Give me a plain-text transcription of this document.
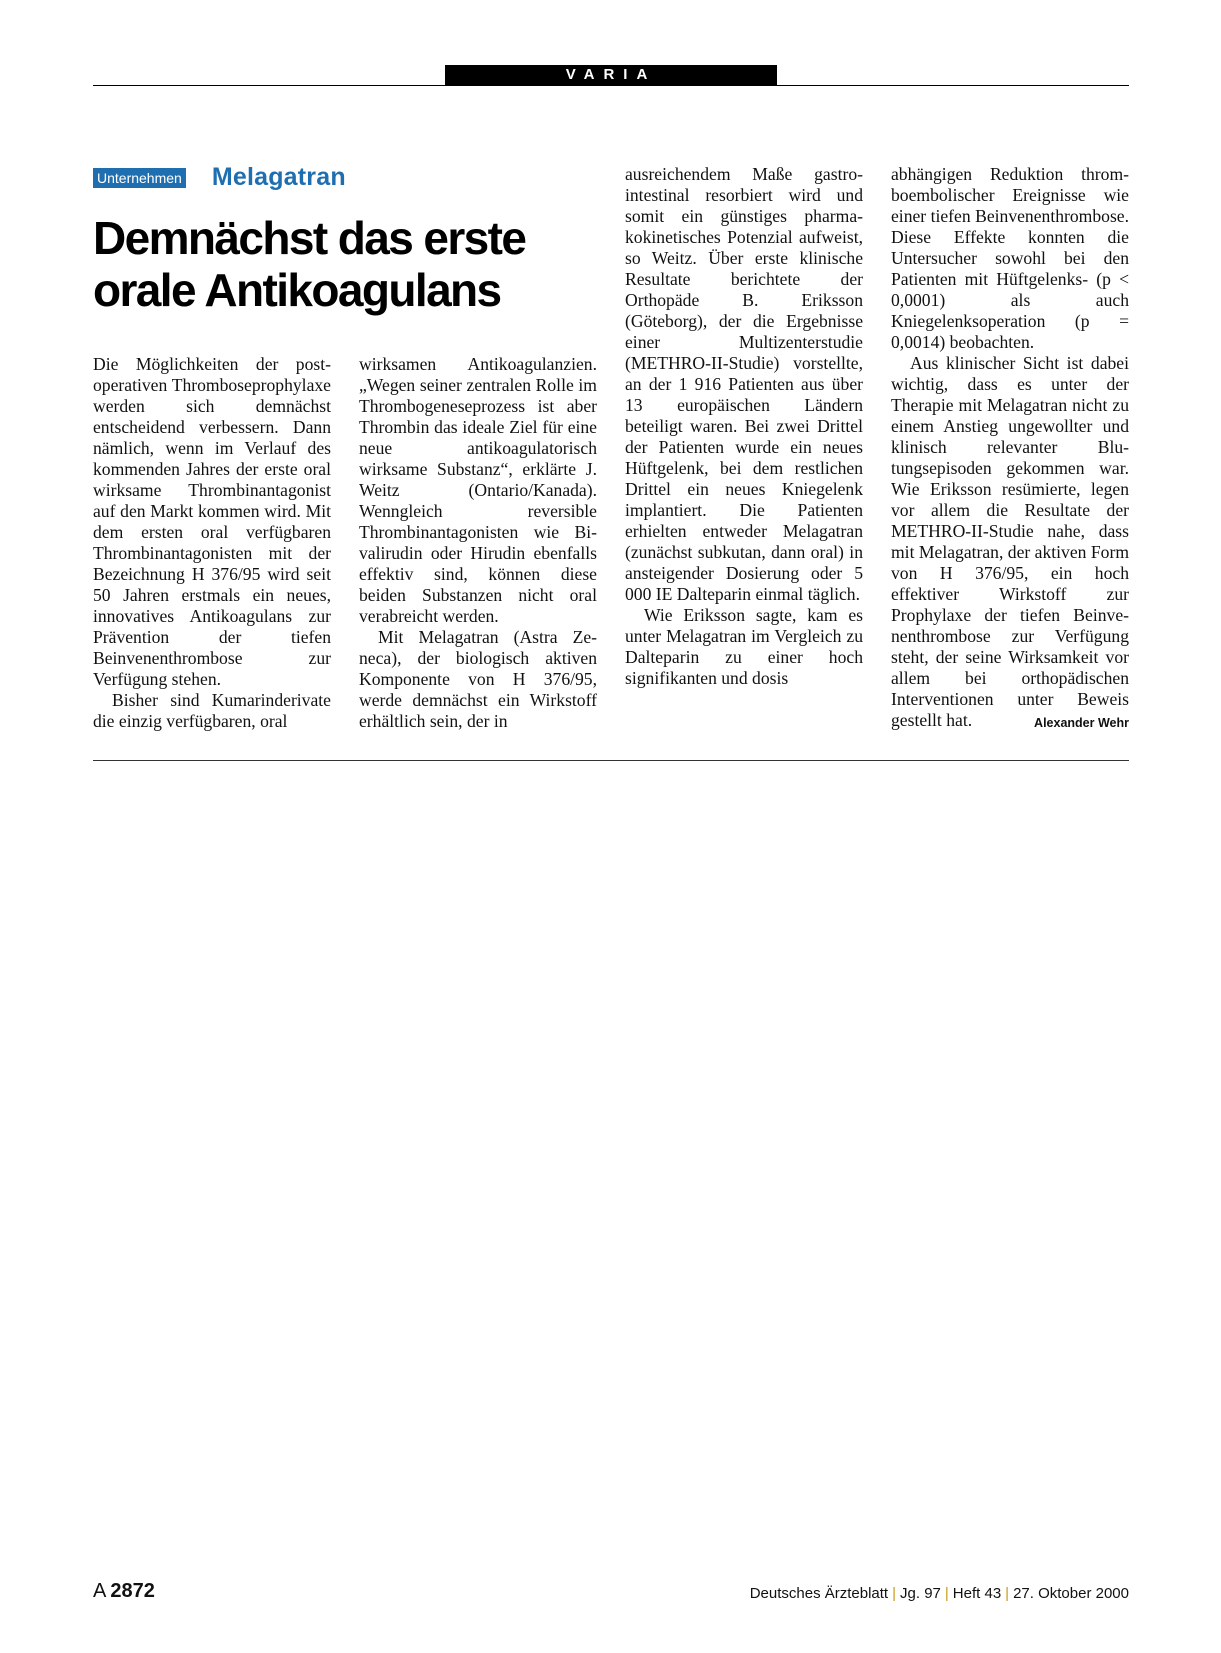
VARIA
Unternehmen Melagatran
Demnächst das erste
orale Antikoagulans

Die Möglichkeiten der postoperativen Thromboseprophylaxe werden sich demnächst entscheidend verbessern. Dann nämlich, wenn im Verlauf des kommenden Jahres der erste oral wirksame Thrombinantagonist auf den Markt kommen wird. Mit dem ersten oral verfügbaren Thrombinantagonisten mit der Bezeichnung H 376/95 wird seit 50 Jahren erstmals ein neues, innovatives Antikoagulans zur Prävention der tiefen Beinvenenthrombose zur Verfügung stehen.

Bisher sind Kumarinderivate die einzig verfügbaren, oral

wirksamen Antikoagulanzien. „Wegen seiner zentralen Rolle im Thrombogeneseprozess ist aber Thrombin das ideale Ziel für eine neue antikoagulatorisch wirksame Substanz“, erklärte J. Weitz (Ontario/Kanada). Wenngleich reversible Thrombinantagonisten wie Bivalirudin oder Hirudin ebenfalls effektiv sind, können diese beiden Substanzen nicht oral verabreicht werden.

Mit Melagatran (Astra Zeneca), der biologisch aktiven Komponente von H 376/95, werde demnächst ein Wirkstoff erhältlich sein, der in

ausreichendem Maße gastrointestinal resorbiert wird und somit ein günstiges pharmakokinetisches Potenzial aufweist, so Weitz. Über erste klinische Resultate berichtete der Orthopäde B. Eriksson (Göteborg), der die Ergebnisse einer Multizenterstudie (METHRO-II-Studie) vorstellte, an der 1 916 Patienten aus über 13 europäischen Ländern beteiligt waren. Bei zwei Drittel der Patienten wurde ein neues Hüftgelenk, bei dem restlichen Drittel ein neues Kniegelenk implantiert. Die Patienten erhielten entweder Melagatran (zunächst subkutan, dann oral) in ansteigender Dosierung oder 5 000 IE Dalteparin einmal täglich.

Wie Eriksson sagte, kam es unter Melagatran im Vergleich zu Dalteparin zu einer hoch signifikanten und dosis

abhängigen Reduktion thromboembolischer Ereignisse wie einer tiefen Beinvenenthrombose. Diese Effekte konnten die Untersucher sowohl bei den Patienten mit Hüftgelenks- (p < 0,0001) als auch Kniegelenksoperation (p = 0,0014) beobachten.

Aus klinischer Sicht ist dabei wichtig, dass es unter der Therapie mit Melagatran nicht zu einem Anstieg ungewollter und klinisch relevanter Blutungsepisoden gekommen war. Wie Eriksson resümierte, legen vor allem die Resultate der METHRO-II-Studie nahe, dass mit Melagatran, der aktiven Form von H 376/95, ein hoch effektiver Wirkstoff zur Prophylaxe der tiefen Beinvenenthrombose zur Verfügung steht, der seine Wirksamkeit vor allem bei orthopädischen Interventionen unter Beweis gestellt hat.	Alexander Wehr

A 2872	Deutsches Ärzteblatt | Jg. 97 | Heft 43 | 27. Oktober 2000
